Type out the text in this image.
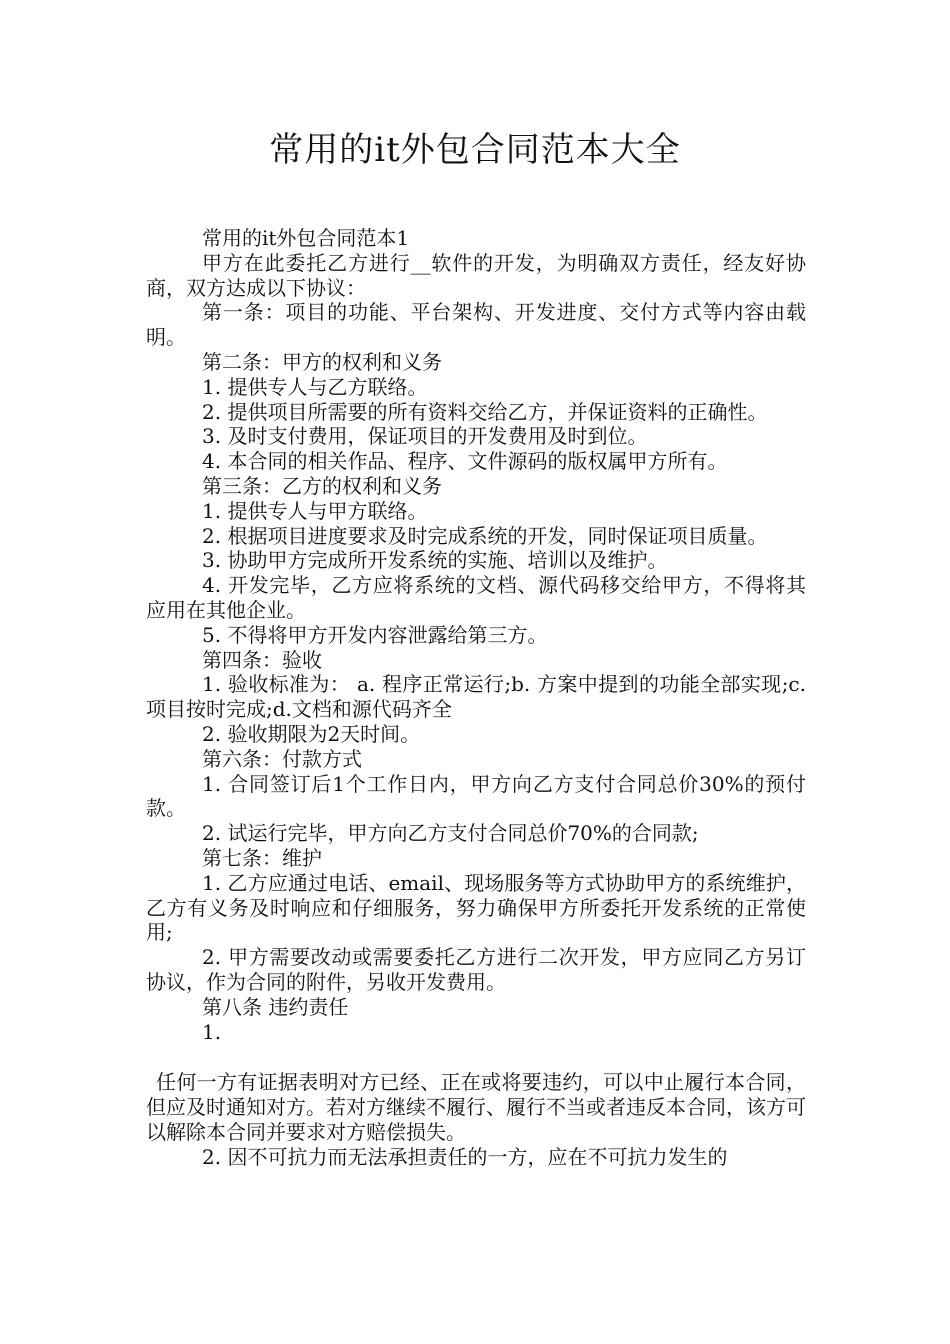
常用的it外包合同范本大全

常用的it外包合同范本1

甲方在此委托乙方进行__软件的开发，为明确双方责任，经友好协商，双方达成以下协议：

第一条：项目的功能、平台架构、开发进度、交付方式等内容由载明。

第二条：甲方的权利和义务

1. 提供专人与乙方联络。

2. 提供项目所需要的所有资料交给乙方，并保证资料的正确性。

3. 及时支付费用，保证项目的开发费用及时到位。

4. 本合同的相关作品、程序、文件源码的版权属甲方所有。

第三条：乙方的权利和义务

1. 提供专人与甲方联络。

2. 根据项目进度要求及时完成系统的开发，同时保证项目质量。

3. 协助甲方完成所开发系统的实施、培训以及维护。

4. 开发完毕，乙方应将系统的文档、源代码移交给甲方，不得将其应用在其他企业。

5. 不得将甲方开发内容泄露给第三方。

第四条：验收

1. 验收标准为： a. 程序正常运行;b. 方案中提到的功能全部实现;c.项目按时完成;d.文档和源代码齐全

2. 验收期限为2天时间。

第六条：付款方式

1. 合同签订后1个工作日内，甲方向乙方支付合同总价30%的预付款。

2. 试运行完毕，甲方向乙方支付合同总价70%的合同款;

第七条：维护

1. 乙方应通过电话、email、现场服务等方式协助甲方的系统维护，乙方有义务及时响应和仔细服务，努力确保甲方所委托开发系统的正常使用;

2. 甲方需要改动或需要委托乙方进行二次开发，甲方应同乙方另订协议，作为合同的附件，另收开发费用。

第八条 违约责任

1.

任何一方有证据表明对方已经、正在或将要违约，可以中止履行本合同，但应及时通知对方。若对方继续不履行、履行不当或者违反本合同，该方可以解除本合同并要求对方赔偿损失。

2. 因不可抗力而无法承担责任的一方，应在不可抗力发生的
